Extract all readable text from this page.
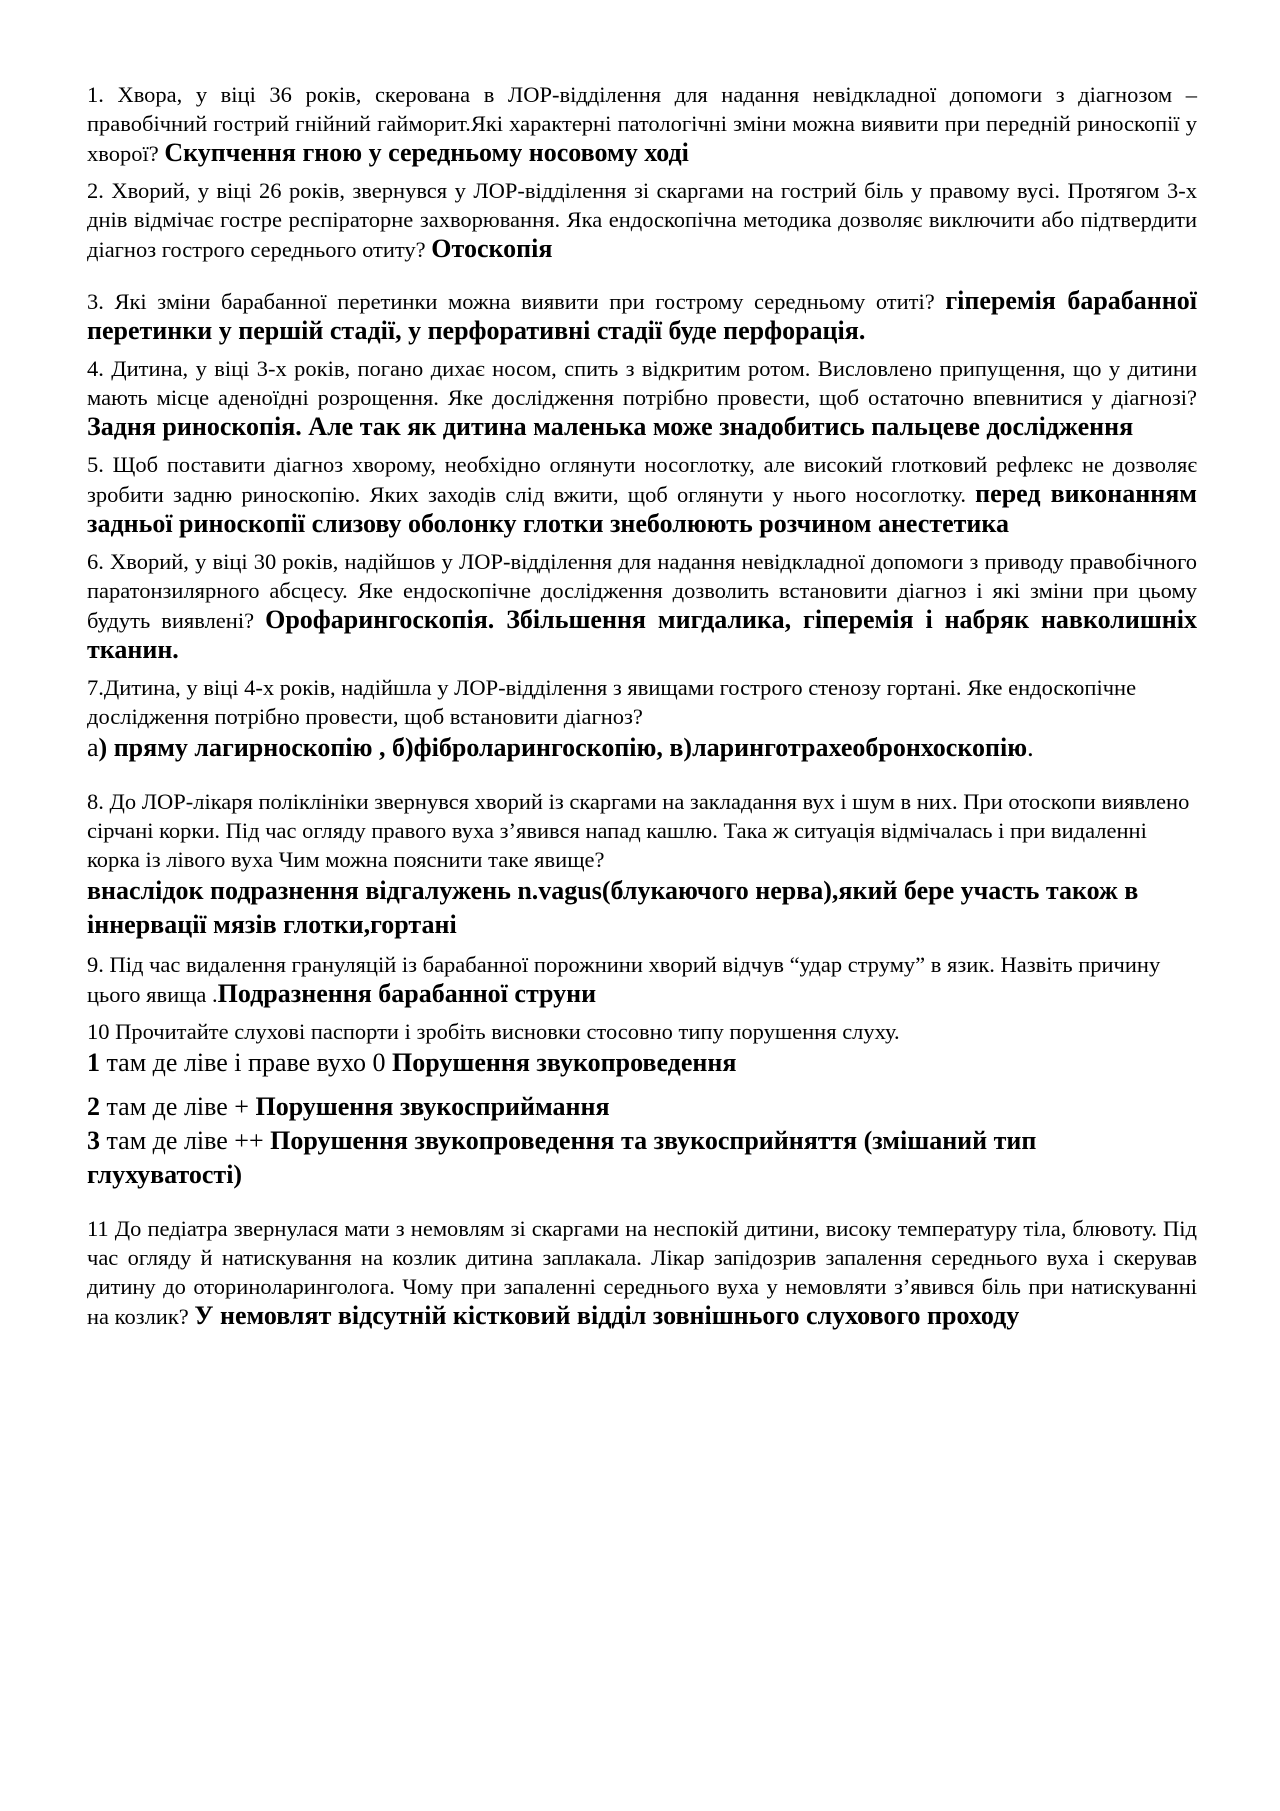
1. Хвора, у віці 36 років, скерована в ЛОР-відділення для надання невідкладної допомоги з діагнозом – правобічний гострий гнійний гайморит.Які характерні патологічні зміни можна виявити при передній риноскопії у хворої? Скупчення гною у середньому носовому ході

2. Хворий, у віці 26 років, звернувся у ЛОР-відділення зі скаргами на гострий біль у правому вусі. Протягом 3-х днів відмічає гостре респіраторне захворювання. Яка ендоскопічна методика дозволяє виключити або підтвердити діагноз гострого середнього отиту? Отоскопія

3. Які зміни барабанної перетинки можна виявити при гострому середньому отиті? гіперемія барабанної перетинки у першій стадії, у перфоративні стадії буде перфорація.

4. Дитина, у віці 3-х років, погано дихає носом, спить з відкритим ротом. Висловлено припущення, що у дитини мають місце аденоїдні розрощення. Яке дослідження потрібно провести, щоб остаточно впевнитися у діагнозі? Задня риноскопія. Але так як дитина маленька може знадобитись пальцеве дослідження

5. Щоб поставити діагноз хворому, необхідно оглянути носоглотку, але високий глотковий рефлекс не дозволяє зробити задню риноскопію. Яких заходів слід вжити, щоб оглянути у нього носоглотку. перед виконанням задньої риноскопії слизову оболонку глотки знеболюють розчином анестетика

6. Хворий, у віці 30 років, надійшов у ЛОР-відділення для надання невідкладної допомоги з приводу правобічного паратонзилярного абсцесу. Яке ендоскопічне дослідження дозволить встановити діагноз і які зміни при цьому будуть виявлені? Орофарингоскопія. Збільшення мигдалика, гіперемія і набряк навколишніх тканин.

7.Дитина, у віці 4-х років, надійшла у ЛОР-відділення з явищами гострого стенозу гортані. Яке ендоскопічне дослідження потрібно провести, щоб встановити діагноз?

а) пряму лагирноскопію , б)фіброларингоскопію, в)ларинготрахеобронхоскопію.

8. До ЛОР-лікаря поліклініки звернувся хворий із скаргами на закладання вух і шум в них. При отоскопи виявлено сірчані корки. Під час огляду правого вуха з’явився напад кашлю. Така ж ситуація відмічалась і при видаленні корка із лівого вуха Чим можна пояснити таке явище?

внаслідок подразнення відгалужень n.vagus(блукаючого нерва),який бере участь також в іннервації мязів глотки,гортані

9. Під час видалення грануляцій із барабанної порожнини хворий відчув “удар струму” в язик. Назвіть причину цього явища .Подразнення барабанної струни

10 Прочитайте слухові паспорти і зробіть висновки стосовно типу порушення слуху.

1 там де ліве і праве вухо 0 Порушення звукопроведення

2 там де ліве + Порушення звукосприймання

3 там де ліве ++ Порушення звукопроведення та звукосприйняття (змішаний тип глухуватості)

11 До педіатра звернулася мати з немовлям зі скаргами на неспокій дитини, високу температуру тіла, блювоту. Під час огляду й натискування на козлик дитина заплакала. Лікар запідозрив запалення середнього вуха і скерував дитину до оториноларинголога. Чому при запаленні середнього вуха у немовляти з’явився біль при натискуванні на козлик? У немовлят відсутній кістковий відділ зовнішнього слухового проходу
